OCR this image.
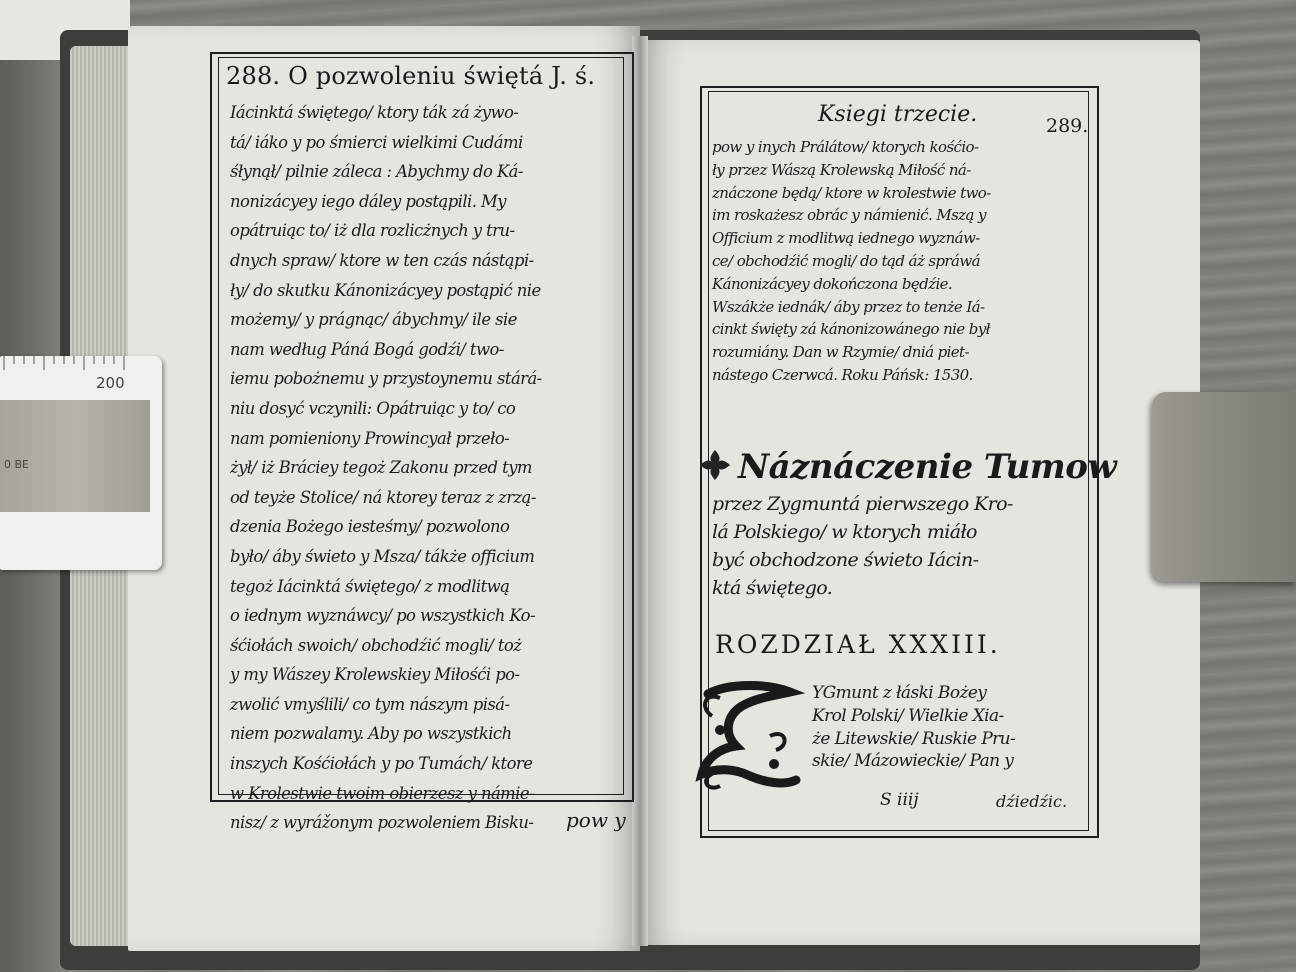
288. O pozwoleniu świętá J. ś.
Iácinktá świętego/ ktory ták zá żywo-
tá/ iáko y po śmierci wielkimi Cudámi
śłynął/ pilnie záleca : Abychmy do Ká-
nonizácyey iego dáley postąpili. My
opátruiąc to/ iż dla rozlicżnych y tru-
dnych spraw/ ktore w ten czás nástąpi-
ły/ do skutku Kánonizácyey postąpić nie
możemy/ y prágnąc/ ábychmy/ ile sie
nam według Páná Bogá godźi/ two-
iemu pobożnemu y przystoynemu stárá-
niu dosyć vczynili: Opátruiąc y to/ co
nam pomieniony Prowincyał przeło-
żył/ iż Bráciey tegoż Zakonu przed tym
od teyże Stolice/ ná ktorey teraz z zrzą-
dzenia Bożego iesteśmy/ pozwolono
było/ áby świeto y Msza/ tákże officium
tegoż Iácinktá świętego/ z modlitwą
o iednym wyznáwcy/ po wszystkich Ko-
śćiołách swoich/ obchodźić mogli/ toż
y my Wászey Krolewskiey Miłośći po-
zwolić vmyślili/ co tym nászym pisá-
niem pozwalamy. Aby po wszystkich
inszych Kośćiołách y po Tumách/ ktore
w Krolestwie twoim obierzesz y námie-
nisz/ z wyrážonym pozwoleniem Bisku-	pow y
Ksiegi trzecie.	289.
pow y inych Prálátow/ ktorych kośćio-
ły przez Wászą Krolewską Miłość ná-
znáczone będą/ ktore w krolestwie two-
im roskażesz obrác y námienić. Mszą y
Officium z modlitwą iednego wyznáw-
ce/ obchodźić mogli/ do tąd áż spráwá
Kánonizácyey dokończona będźie.
Wszákże iednák/ áby przez to tenże Iá-
cinkt święty zá kánonizowánego nie był
rozumiány. Dan w Rzymie/ dniá piet-
nástego Czerwcá. Roku Páńsk: 1530.
Náznáczenie Tumow
przez Zygmuntá pierwszego Kro-
lá Polskiego/ w ktorych miáło
być obchodzone świeto Iácin-
ktá świętego.
ROZDZIAŁ XXXIII.
YGmunt z łáski Bożey
Krol Polski/ Wielkie Xia-
że Litewskie/ Ruskie Pru-
skie/ Mázowieckie/ Pan y
S iiij	dźiedźic.
200
0 BE
